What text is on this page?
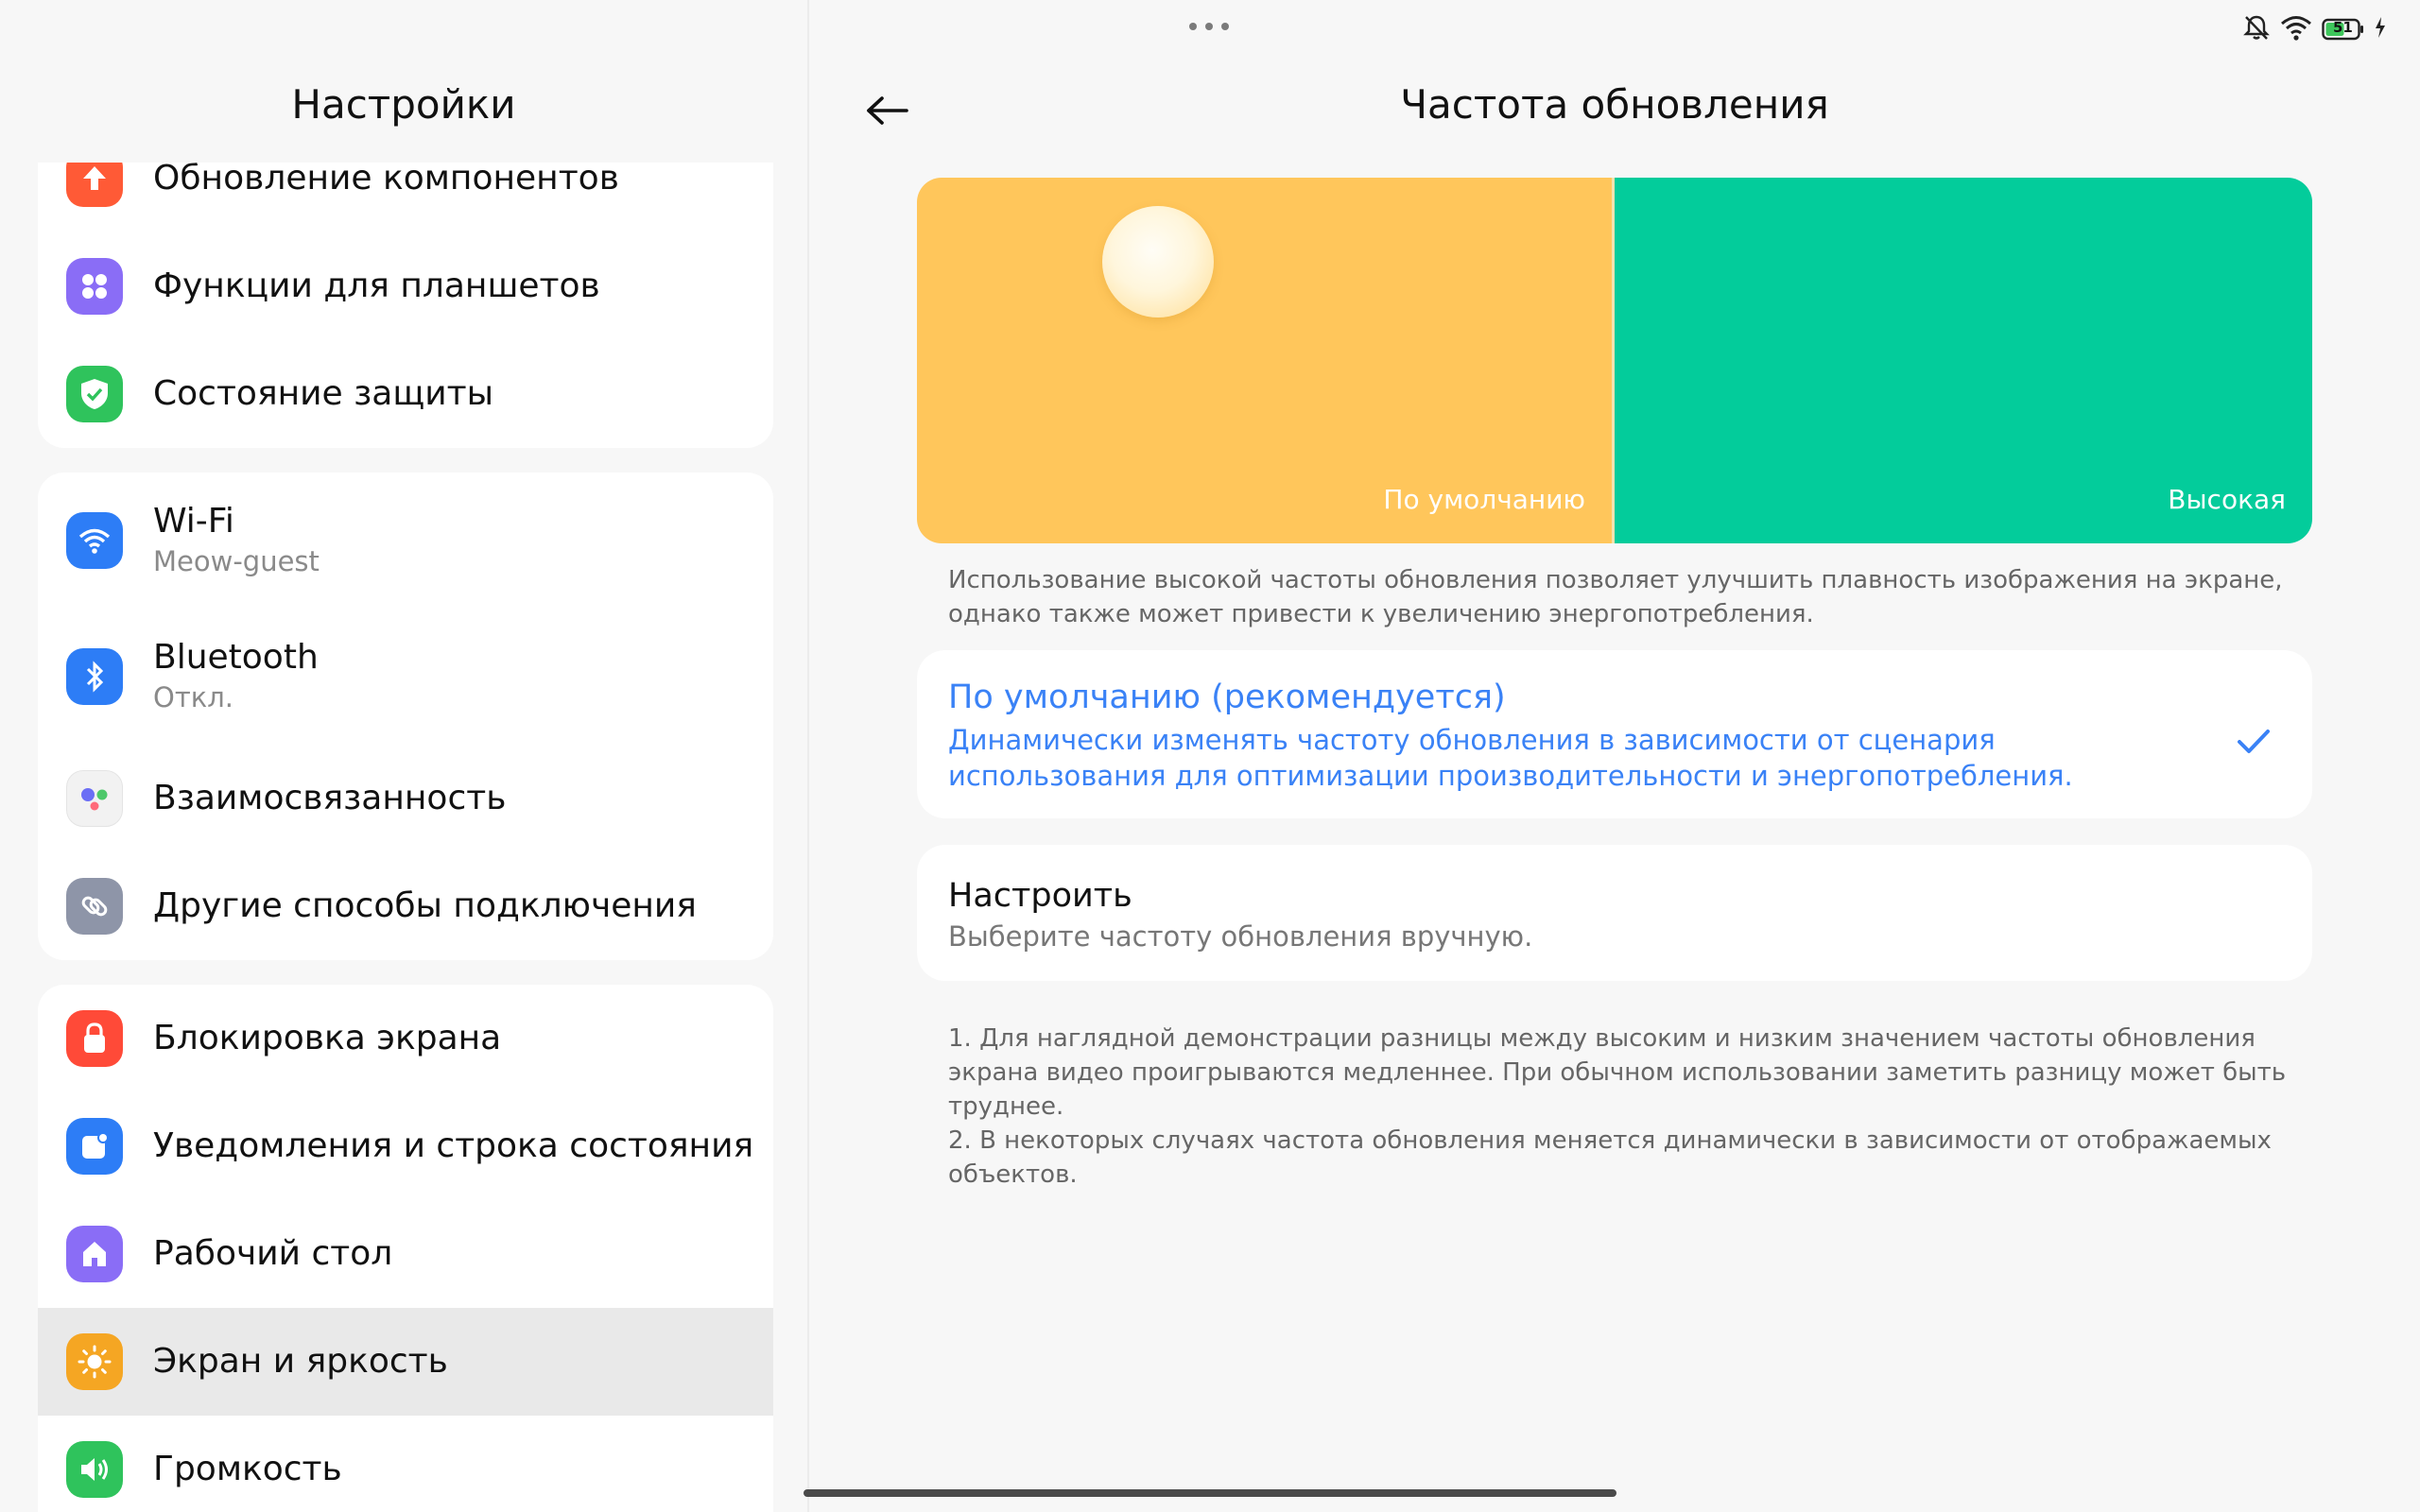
51
Настройки
Обновление компонентов
Функции для планшетов
Состояние защиты
Wi-Fi
Meow-guest
Bluetooth
Откл.
Взаимосвязанность
Другие способы подключения
Блокировка экрана
Уведомления и строка состояния
Рабочий стол
Экран и яркость
Громкость
Частота обновления
По умолчанию	Высокая
Использование высокой частоты обновления позволяет улучшить плавность изображения на экране, однако также может привести к увеличению энергопотребления.
По умолчанию (рекомендуется)
Динамически изменять частоту обновления в зависимости от сценария использования для оптимизации производительности и энергопотребления.
Настроить
Выберите частоту обновления вручную.
1. Для наглядной демонстрации разницы между высоким и низким значением частоты обновления экрана видео проигрываются медленнее. При обычном использовании заметить разницу может быть труднее.
2. В некоторых случаях частота обновления меняется динамически в зависимости от отображаемых объектов.
